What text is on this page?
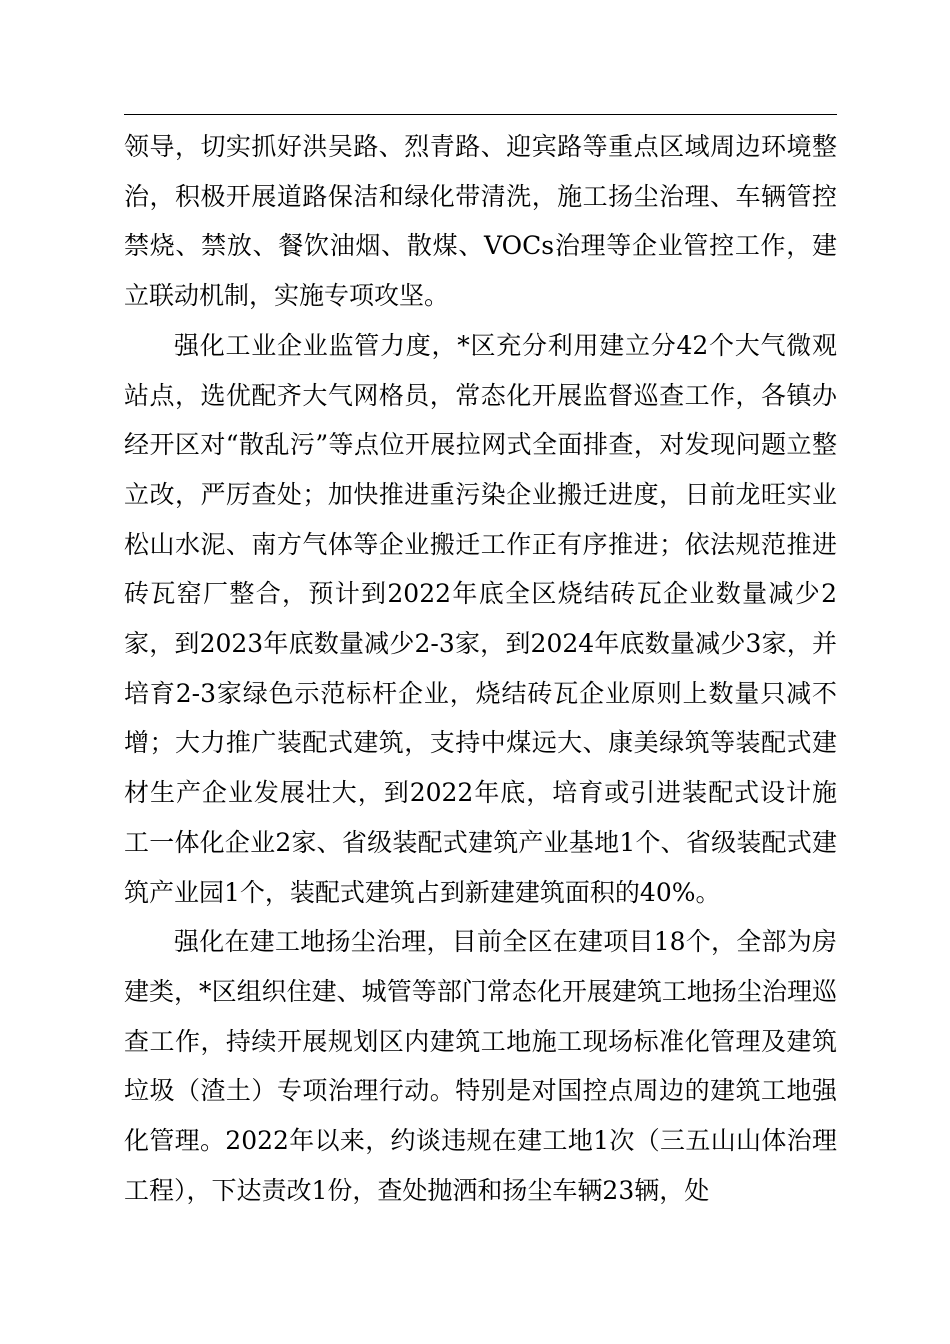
领导，切实抓好洪吴路、烈青路、迎宾路等重点区域周边环境整治，积极开展道路保洁和绿化带清洗，施工扬尘治理、车辆管控禁烧、禁放、餐饮油烟、散煤、VOCs治理等企业管控工作，建立联动机制，实施专项攻坚。

强化工业企业监管力度，*区充分利用建立分42个大气微观站点，选优配齐大气网格员，常态化开展监督巡查工作，各镇办经开区对“散乱污”等点位开展拉网式全面排查，对发现问题立整立改，严厉查处；加快推进重污染企业搬迁进度，日前龙旺实业松山水泥、南方气体等企业搬迁工作正有序推进；依法规范推进砖瓦窑厂整合，预计到2022年底全区烧结砖瓦企业数量减少2家，到2023年底数量减少2-3家，到2024年底数量减少3家，并培育2-3家绿色示范标杆企业，烧结砖瓦企业原则上数量只减不增；大力推广装配式建筑，支持中煤远大、康美绿筑等装配式建材生产企业发展壮大，到2022年底，培育或引进装配式设计施工一体化企业2家、省级装配式建筑产业基地1个、省级装配式建筑产业园1个，装配式建筑占到新建建筑面积的40%。

强化在建工地扬尘治理，目前全区在建项目18个，全部为房建类，*区组织住建、城管等部门常态化开展建筑工地扬尘治理巡查工作，持续开展规划区内建筑工地施工现场标准化管理及建筑垃圾（渣土）专项治理行动。特别是对国控点周边的建筑工地强化管理。2022年以来，约谈违规在建工地1次（三五山山体治理工程），下达责改1份，查处抛洒和扬尘车辆23辆，处
